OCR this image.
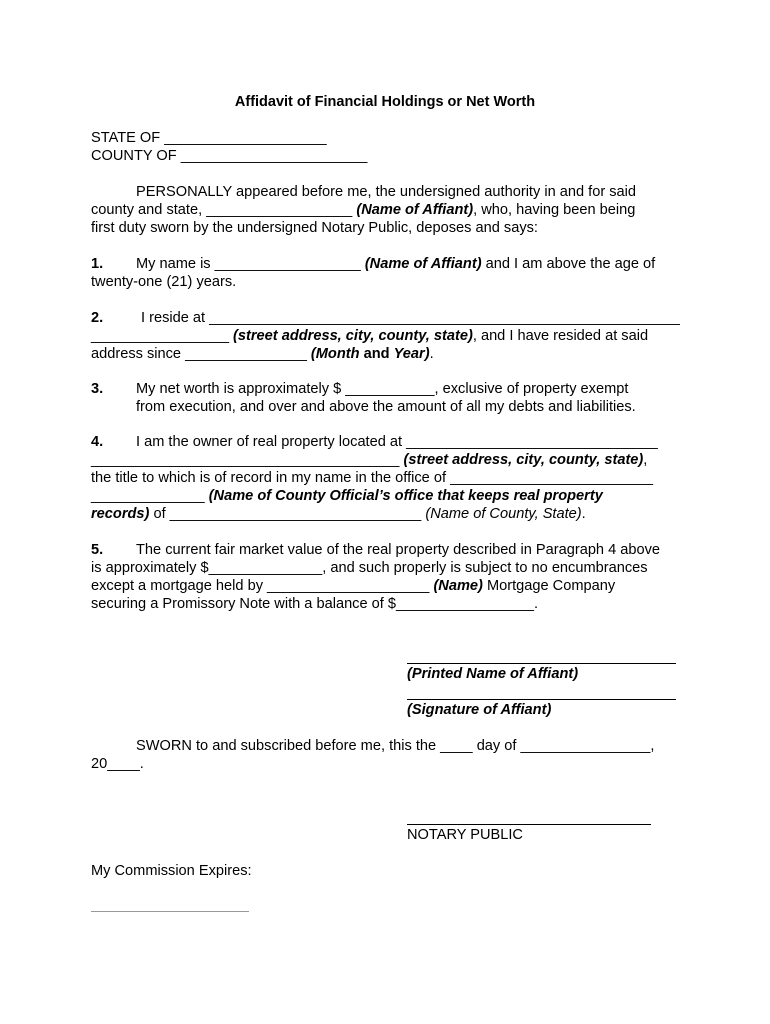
Affidavit of Financial Holdings or Net Worth
STATE OF ____________________
COUNTY OF _______________________
PERSONALLY appeared before me, the undersigned authority in and for said
county and state, __________________ (Name of Affiant), who, having been being
first duty sworn by the undersigned Notary Public, deposes and says:
1. My name is __________________ (Name of Affiant) and I am above the age of
twenty-one (21) years.
2.	I reside at __________________________________________________________
_________________ (street address, city, county, state), and I have resided at said
address since _______________ (Month and Year).
3. My net worth is approximately $ ___________, exclusive of property exempt
from execution, and over and above the amount of all my debts and liabilities.
4. I am the owner of real property located at _______________________________
______________________________________ (street address, city, county, state),
the title to which is of record in my name in the office of _________________________
______________ (Name of County Official’s office that keeps real property
records) of _______________________________ (Name of County, State).
5. The current fair market value of the real property described in Paragraph 4 above
is approximately $______________, and such properly is subject to no encumbrances
except a mortgage held by ____________________ (Name) Mortgage Company
securing a Promissory Note with a balance of $_________________.
(Printed Name of Affiant)
(Signature of Affiant)
SWORN to and subscribed before me, this the ____ day of ________________,
20____.
NOTARY PUBLIC
My Commission Expires:
